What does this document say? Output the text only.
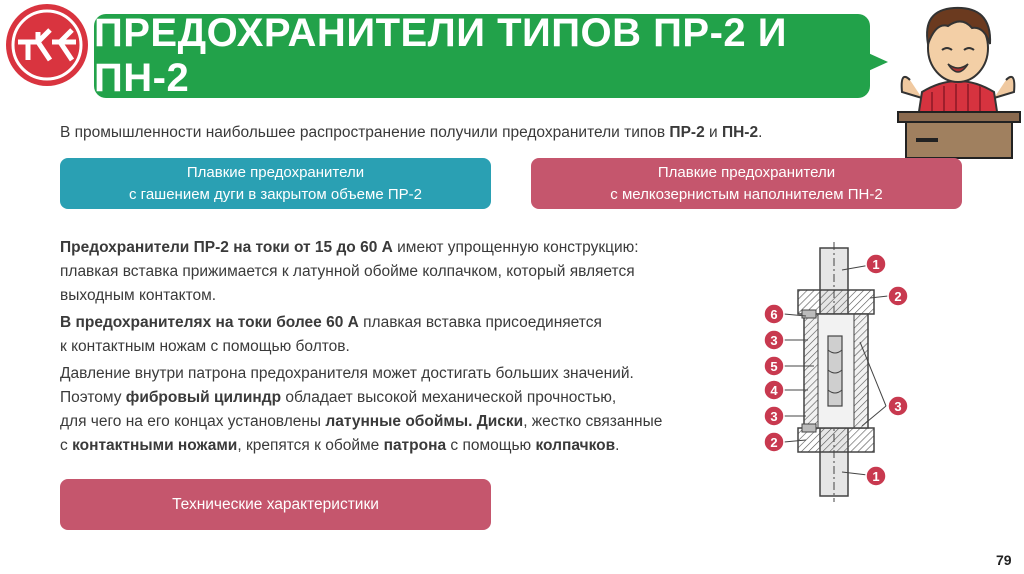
ПРЕДОХРАНИТЕЛИ ТИПОВ ПР-2 И ПН-2
В промышленности наибольшее распространение получили предохранители типов ПР-2 и ПН-2.
Плавкие предохранители
с гашением дуги в закрытом объеме ПР-2
Плавкие предохранители
с мелкозернистым наполнителем ПН-2
Предохранители ПР-2 на токи от 15 до 60 А имеют упрощенную конструкцию:
плавкая вставка прижимается к латунной обойме колпачком, который является
выходным контактом.
В предохранителях на токи более 60 А плавкая вставка присоединяется
к контактным ножам с помощью болтов.
Давление внутри патрона предохранителя может достигать больших значений.
Поэтому фибровый цилиндр обладает высокой механической прочностью,
для чего на его концах установлены латунные обоймы. Диски, жестко связанные
с контактными ножами, крепятся к обойме патрона с помощью колпачков.
Технические характеристики
1
2
6
3
5
4
3
2
1
3
79
